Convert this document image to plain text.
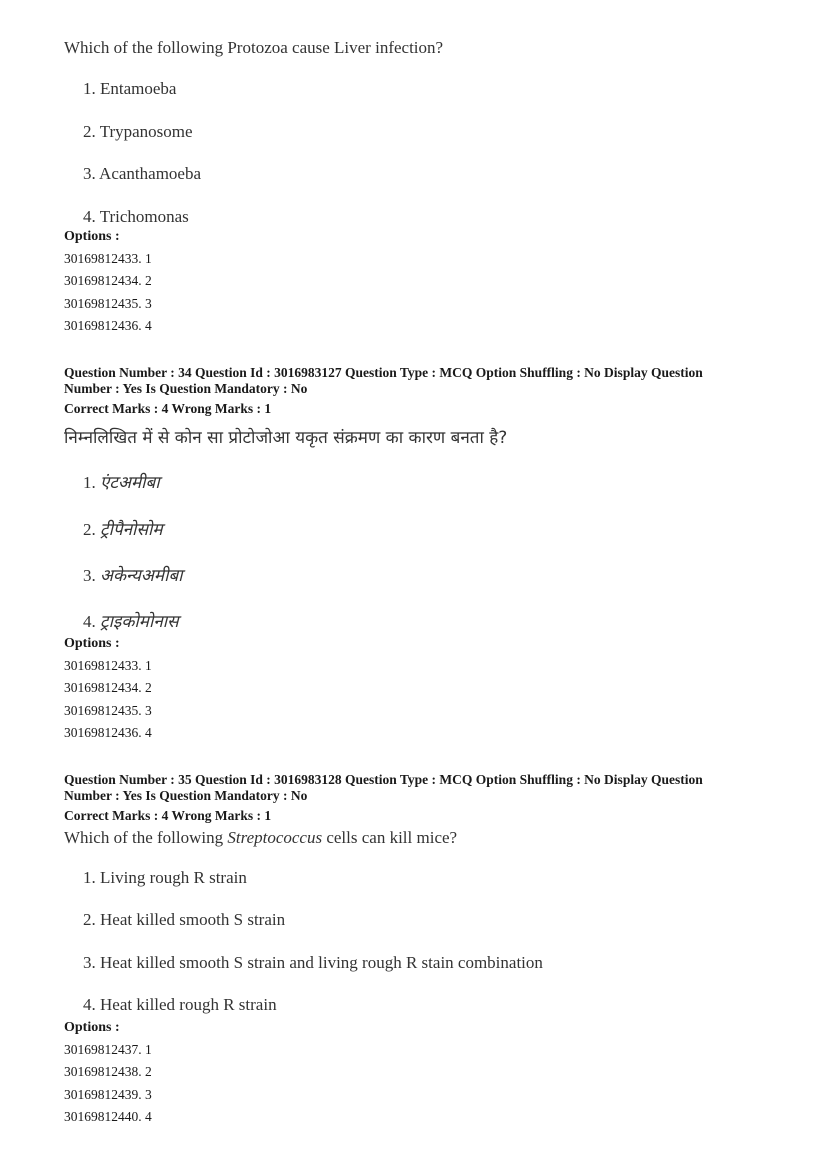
Which of the following Protozoa cause Liver infection?
1. Entamoeba
2. Trypanosome
3. Acanthamoeba
4. Trichomonas
Options :
30169812433. 1
30169812434. 2
30169812435. 3
30169812436. 4
Question Number : 34 Question Id : 3016983127 Question Type : MCQ Option Shuffling : No Display Question
Number : Yes Is Question Mandatory : No
Correct Marks : 4 Wrong Marks : 1
निम्नलिखित में से कोन सा प्रोटोजोआ यकृत संक्रमण का कारण बनता है?
1. एंटअमीबा
2. ट्रीपैनोसोम
3. अकेन्यअमीबा
4. ट्राइकोमोनास
Options :
30169812433. 1
30169812434. 2
30169812435. 3
30169812436. 4
Question Number : 35 Question Id : 3016983128 Question Type : MCQ Option Shuffling : No Display Question
Number : Yes Is Question Mandatory : No
Correct Marks : 4 Wrong Marks : 1
Which of the following Streptococcus cells can kill mice?
1. Living rough R strain
2. Heat killed smooth S strain
3. Heat killed smooth S strain and living rough R stain combination
4. Heat killed rough R strain
Options :
30169812437. 1
30169812438. 2
30169812439. 3
30169812440. 4
